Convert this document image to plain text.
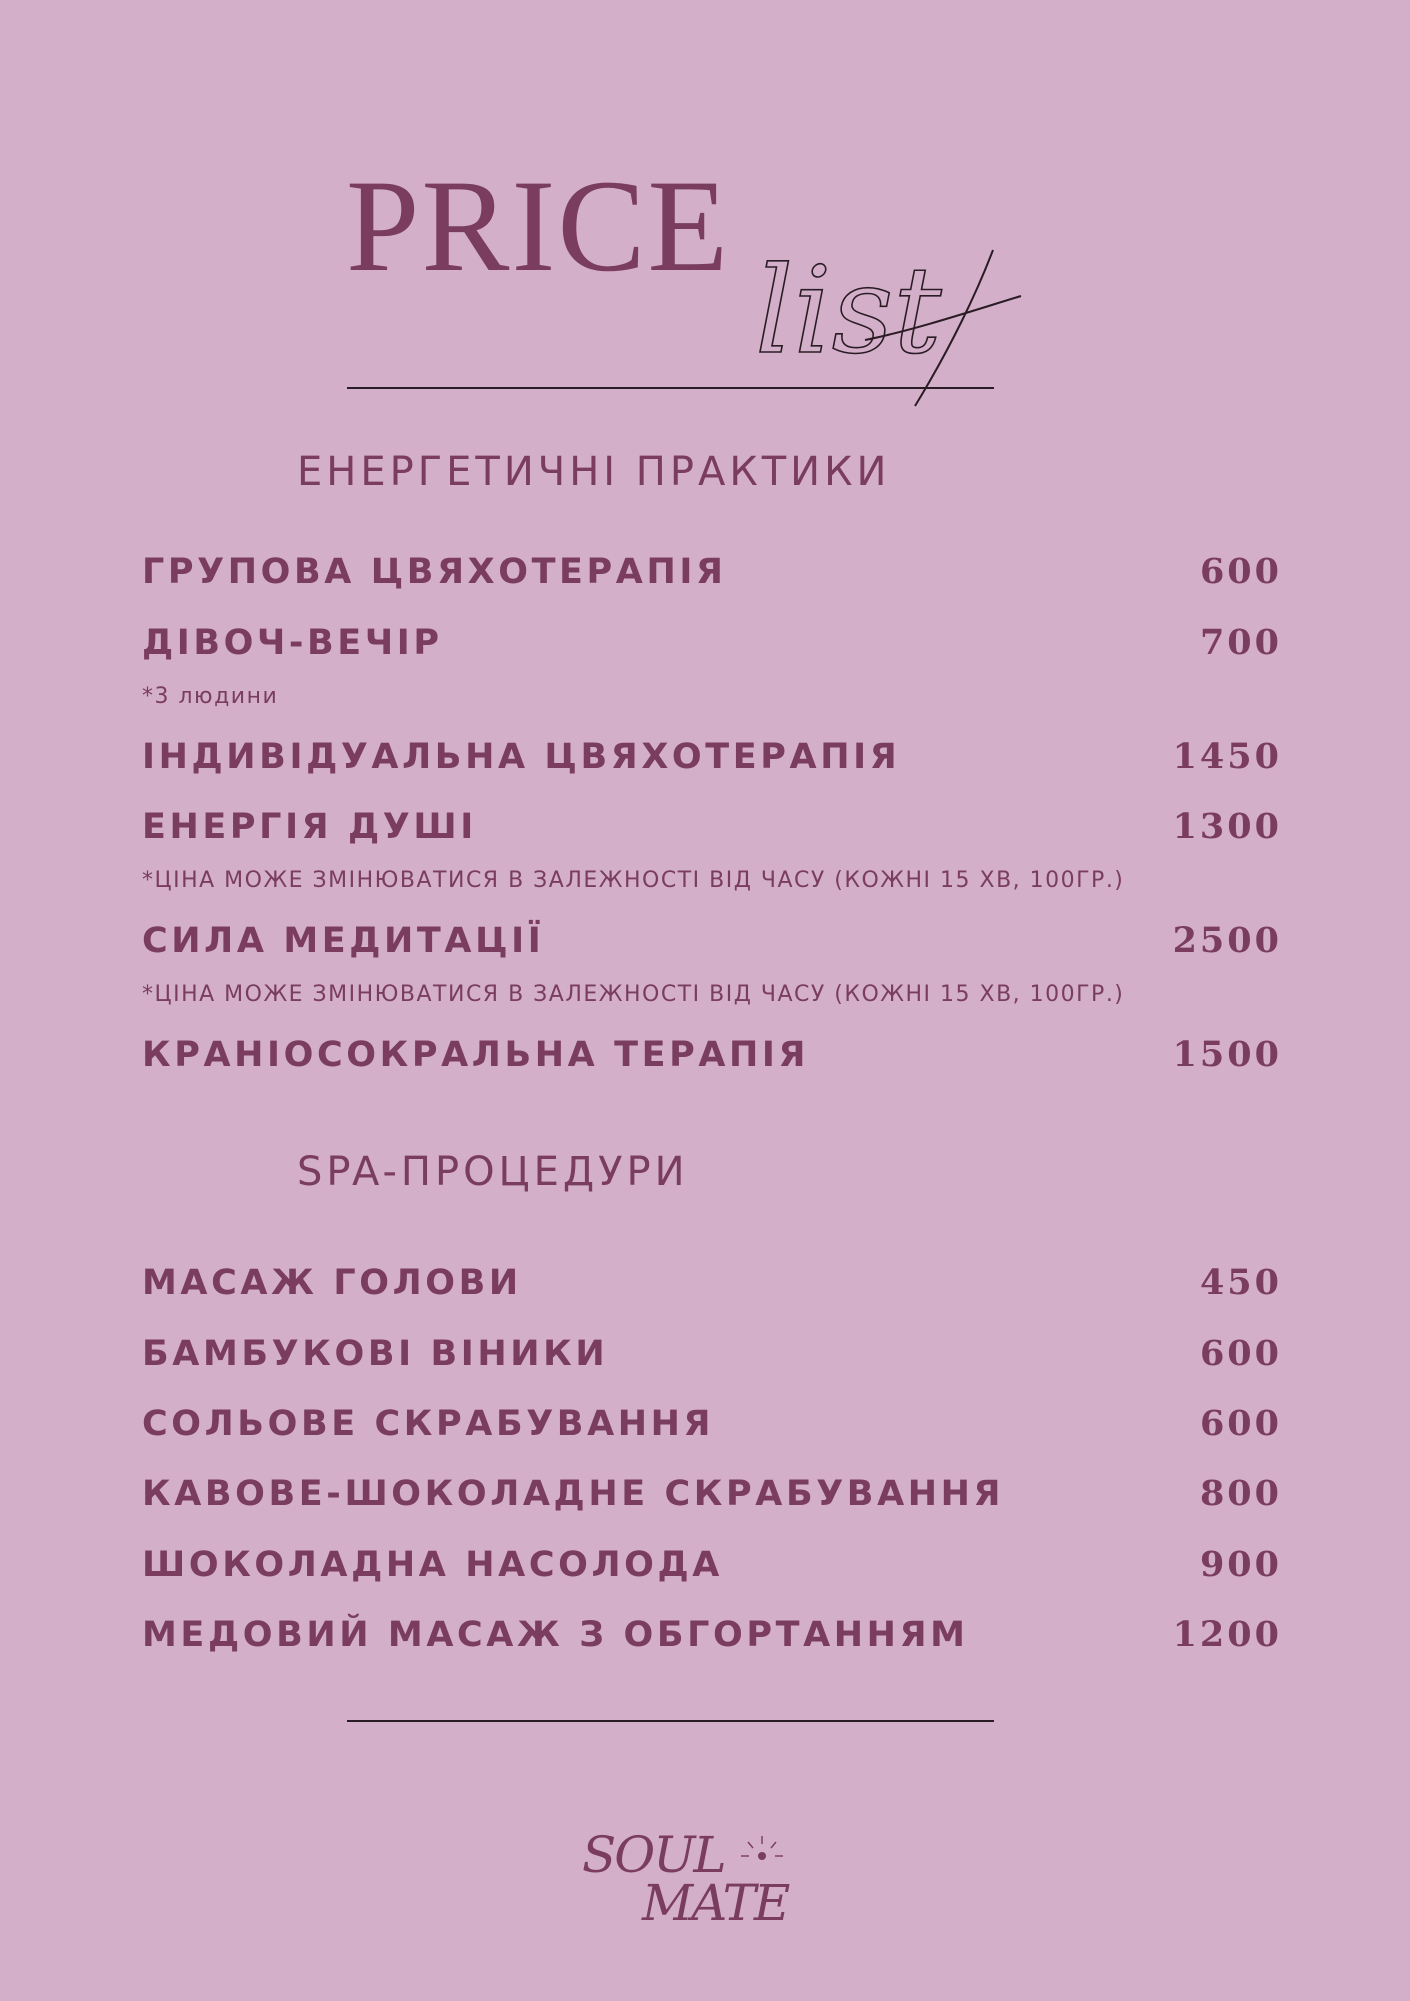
PRICE
list
ЕНЕРГЕТИЧНІ ПРАКТИКИ
ГРУПОВА ЦВЯХОТЕРАПІЯ	600
ДІВОЧ-ВЕЧІР	700
*3 людини
ІНДИВІДУАЛЬНА ЦВЯХОТЕРАПІЯ	1450
ЕНЕРГІЯ ДУШІ	1300
*ЦІНА МОЖЕ ЗМІНЮВАТИСЯ В ЗАЛЕЖНОСТІ ВІД ЧАСУ (КОЖНІ 15 ХВ, 100ГР.)
СИЛА МЕДИТАЦІЇ	2500
*ЦІНА МОЖЕ ЗМІНЮВАТИСЯ В ЗАЛЕЖНОСТІ ВІД ЧАСУ (КОЖНІ 15 ХВ, 100ГР.)
КРАНІОСОКРАЛЬНА ТЕРАПІЯ	1500
SPA-ПРОЦЕДУРИ
МАСАЖ ГОЛОВИ	450
БАМБУКОВІ ВІНИКИ	600
СОЛЬОВЕ СКРАБУВАННЯ	600
КАВОВЕ-ШОКОЛАДНЕ СКРАБУВАННЯ	800
ШОКОЛАДНА НАСОЛОДА	900
МЕДОВИЙ МАСАЖ З ОБГОРТАННЯМ	1200
SOUL
MATE
